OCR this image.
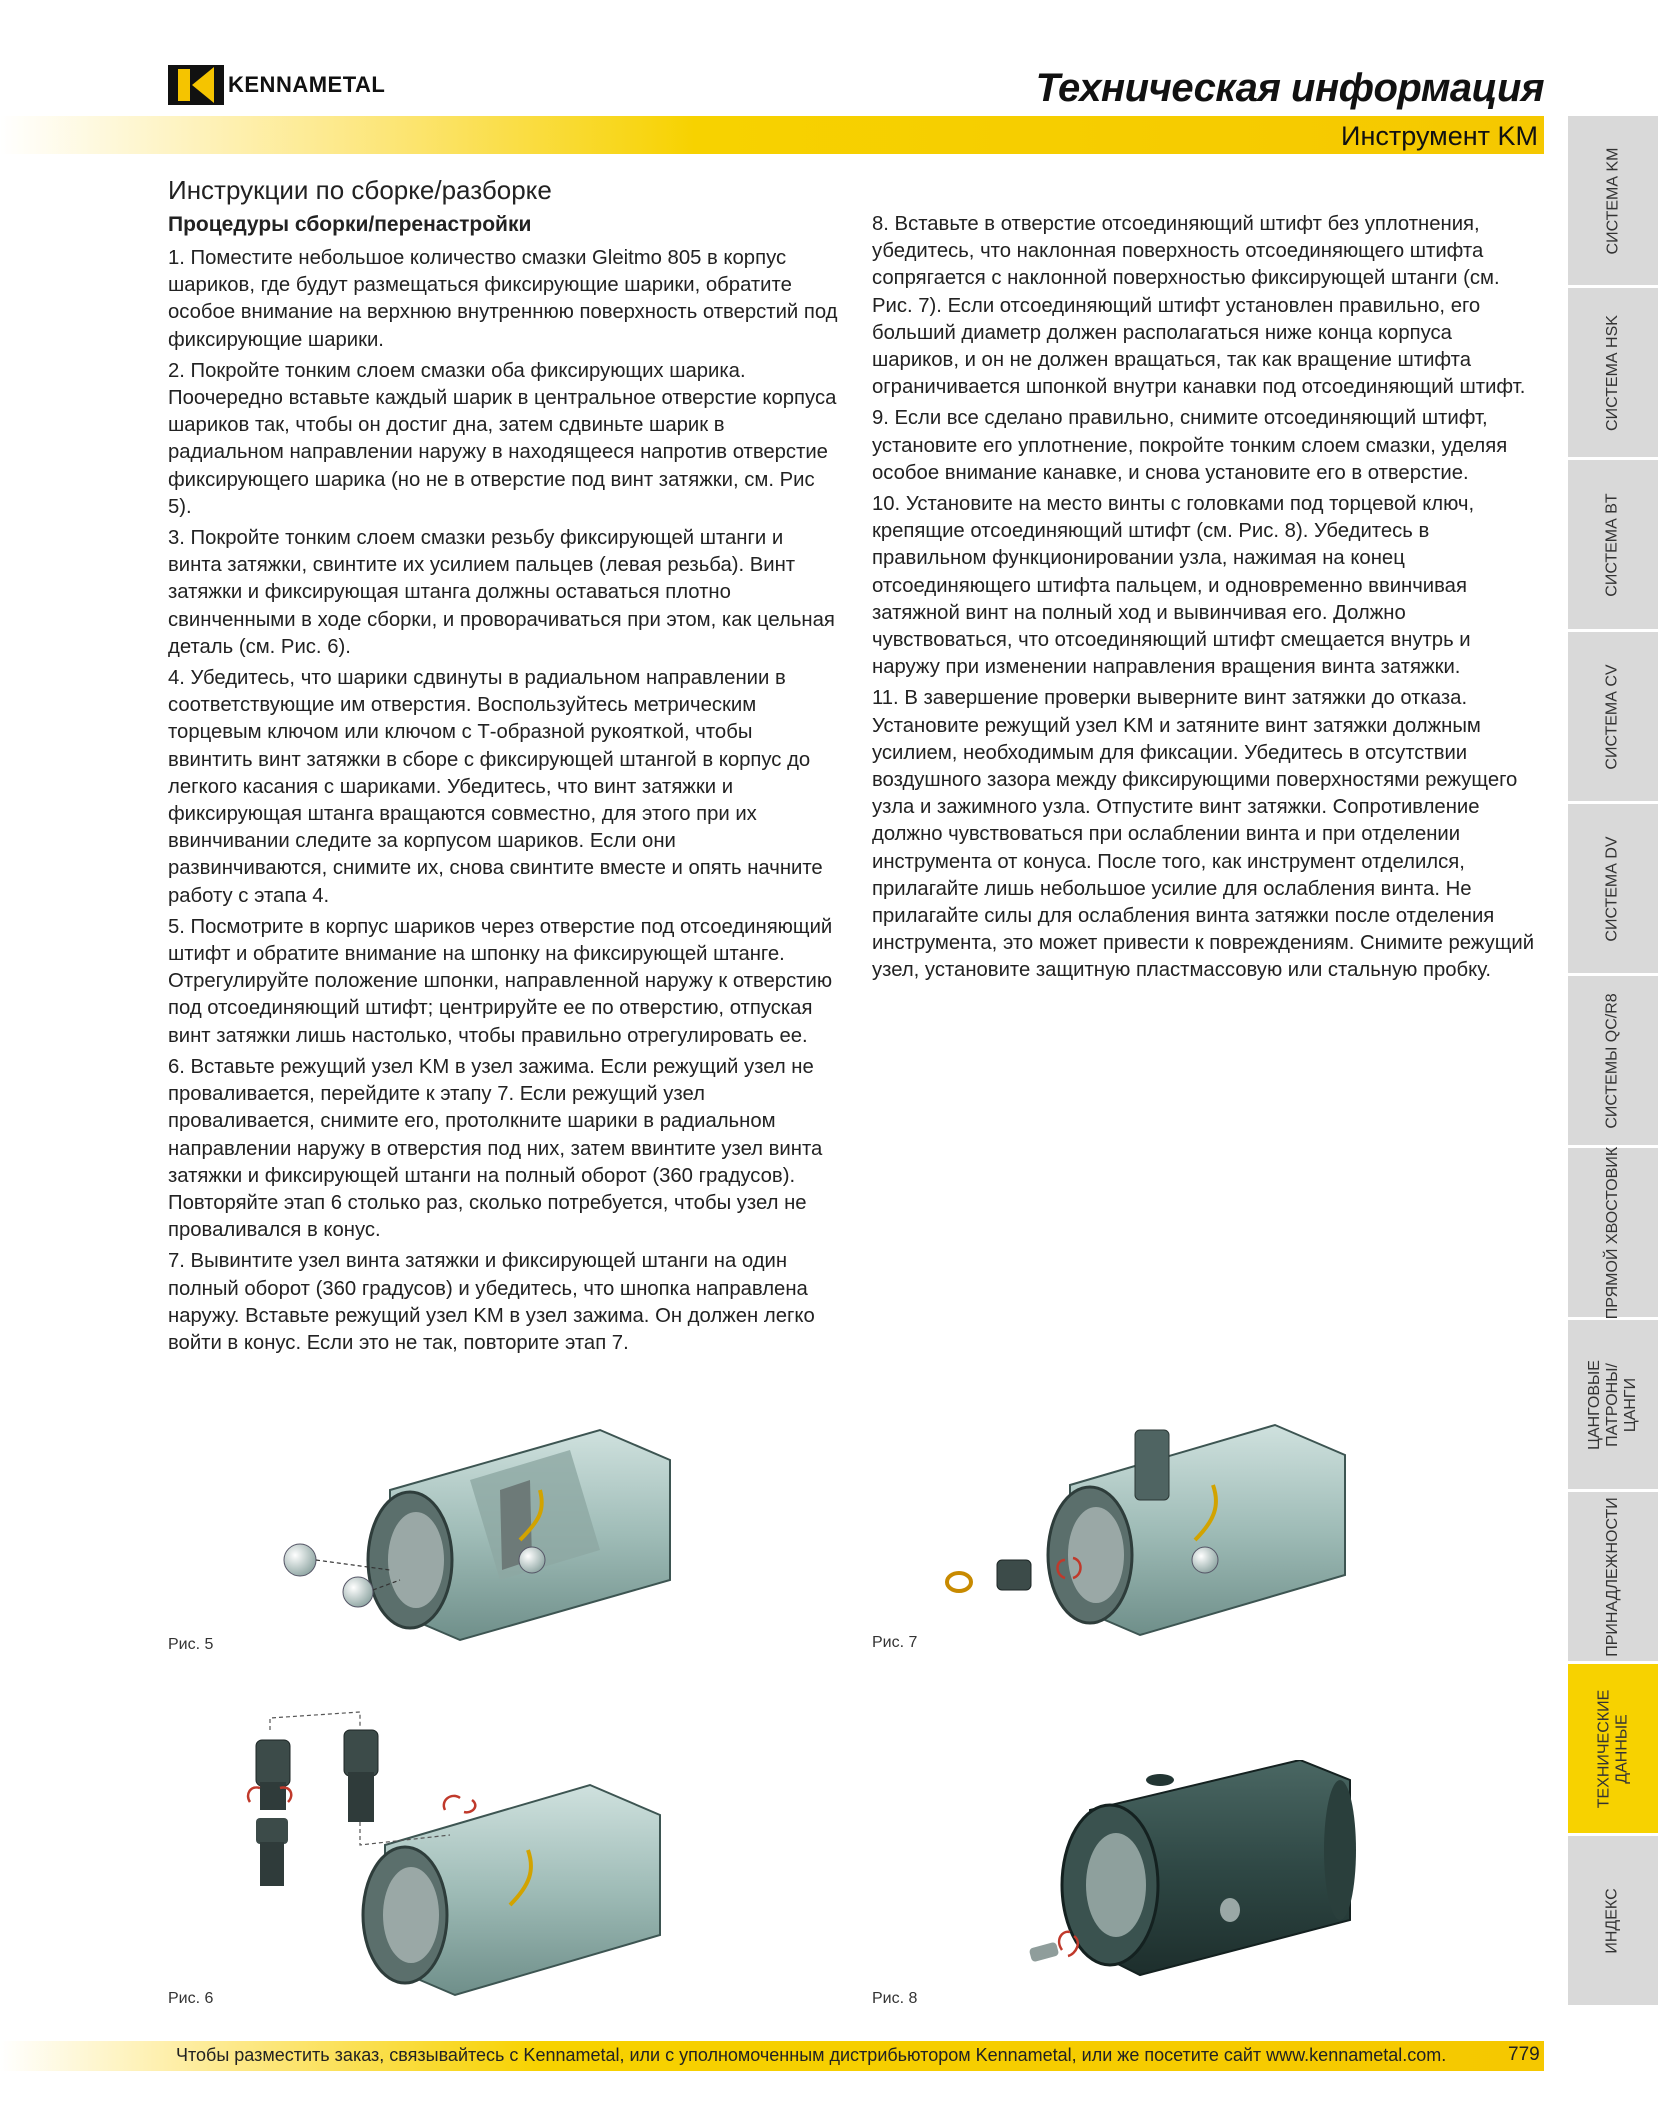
KENNAMETAL	Техническая информация
Инструмент KM
СИСТЕМА KM
СИСТЕМА HSK
СИСТЕМА BT
СИСТЕМА CV
СИСТЕМА DV
СИСТЕМЫ QC/R8
ПРЯМОЙ ХВОСТОВИК
ЦАНГОВЫЕ ПАТРОНЫ/ЦАНГИ
ПРИНАДЛЕЖНОСТИ
ТЕХНИЧЕСКИЕ ДАННЫЕ
ИНДЕКС
Инструкции по сборке/разборке
Процедуры сборки/перенастройки

1. Поместите небольшое количество смазки Gleitmo 805 в корпус шариков, где будут размещаться фиксирующие шарики, обратите особое внимание на верхнюю внутреннюю поверхность отверстий под фиксирующие шарики.

2. Покройте тонким слоем смазки оба фиксирующих шарика. Поочередно вставьте каждый шарик в центральное отверстие корпуса шариков так, чтобы он достиг дна, затем сдвиньте шарик в радиальном направлении наружу в находящееся напротив отверстие фиксирующего шарика (но не в отверстие под винт затяжки, см. Рис 5).

3. Покройте тонким слоем смазки резьбу фиксирующей штанги и винта затяжки, свинтите их усилием пальцев (левая резьба). Винт затяжки и фиксирующая штанга должны оставаться плотно свинченными в ходе сборки, и проворачиваться при этом, как цельная деталь (см. Рис. 6).

4. Убедитесь, что шарики сдвинуты в радиальном направлении в соответствующие им отверстия. Воспользуйтесь метрическим торцевым ключом или ключом с Т-образной рукояткой, чтобы ввинтить винт затяжки в сборе с фиксирующей штангой в корпус до легкого касания с шариками. Убедитесь, что винт затяжки и фиксирующая штанга вращаются совместно, для этого при их ввинчивании следите за корпусом шариков. Если они развинчиваются, снимите их, снова свинтите вместе и опять начните работу с этапа 4.

5. Посмотрите в корпус шариков через отверстие под отсоединяющий штифт и обратите внимание на шпонку на фиксирующей штанге. Отрегулируйте положение шпонки, направленной наружу к отверстию под отсоединяющий штифт; центрируйте ее по отверстию, отпуская винт затяжки лишь настолько, чтобы правильно отрегулировать ее.

6. Вставьте режущий узел KM в узел зажима. Если режущий узел не проваливается, перейдите к этапу 7. Если режущий узел проваливается, снимите его, протолкните шарики в радиальном направлении наружу в отверстия под них, затем ввинтите узел винта затяжки и фиксирующей штанги на полный оборот (360 градусов). Повторяйте этап 6 столько раз, сколько потребуется, чтобы узел не проваливался в конус.

7. Вывинтите узел винта затяжки и фиксирующей штанги на один полный оборот (360 градусов) и убедитесь, что шнопка направлена наружу. Вставьте режущий узел KM в узел зажима. Он должен легко войти в конус. Если это не так, повторите этап 7.

8. Вставьте в отверстие отсоединяющий штифт без уплотнения, убедитесь, что наклонная поверхность отсоединяющего штифта сопрягается с наклонной поверхностью фиксирующей штанги (см. Рис. 7). Если отсоединяющий штифт установлен правильно, его больший диаметр должен располагаться ниже конца корпуса шариков, и он не должен вращаться, так как вращение штифта ограничивается шпонкой внутри канавки под отсоединяющий штифт.

9. Если все сделано правильно, снимите отсоединяющий штифт, установите его уплотнение, покройте тонким слоем смазки, уделяя особое внимание канавке, и снова установите его в отверстие.

10. Установите на место винты с головками под торцевой ключ, крепящие отсоединяющий штифт (см. Рис. 8). Убедитесь в правильном функционировании узла, нажимая на конец отсоединяющего штифта пальцем, и одновременно ввинчивая затяжной винт на полный ход и вывинчивая его. Должно чувствоваться, что отсоединяющий штифт смещается внутрь и наружу при изменении направления вращения винта затяжки.

11. В завершение проверки выверните винт затяжки до отказа. Установите режущий узел KM и затяните винт затяжки должным усилием, необходимым для фиксации. Убедитесь в отсутствии воздушного зазора между фиксирующими поверхностями режущего узла и зажимного узла. Отпустите винт затяжки. Сопротивление должно чувствоваться при ослаблении винта и при отделении инструмента от конуса. После того, как инструмент отделился, прилагайте лишь небольшое усилие для ослабления винта. Не прилагайте силы для ослабления винта затяжки после отделения инструмента, это может привести к повреждениям. Снимите режущий узел, установите защитную пластмассовую или стальную пробку.

Рис. 5	Рис. 7
Рис. 6	Рис. 8
Чтобы разместить заказ, связывайтесь с Kennametal, или с уполномоченным дистрибьютором Kennametal, или же посетите сайт www.kennametal.com.	779
